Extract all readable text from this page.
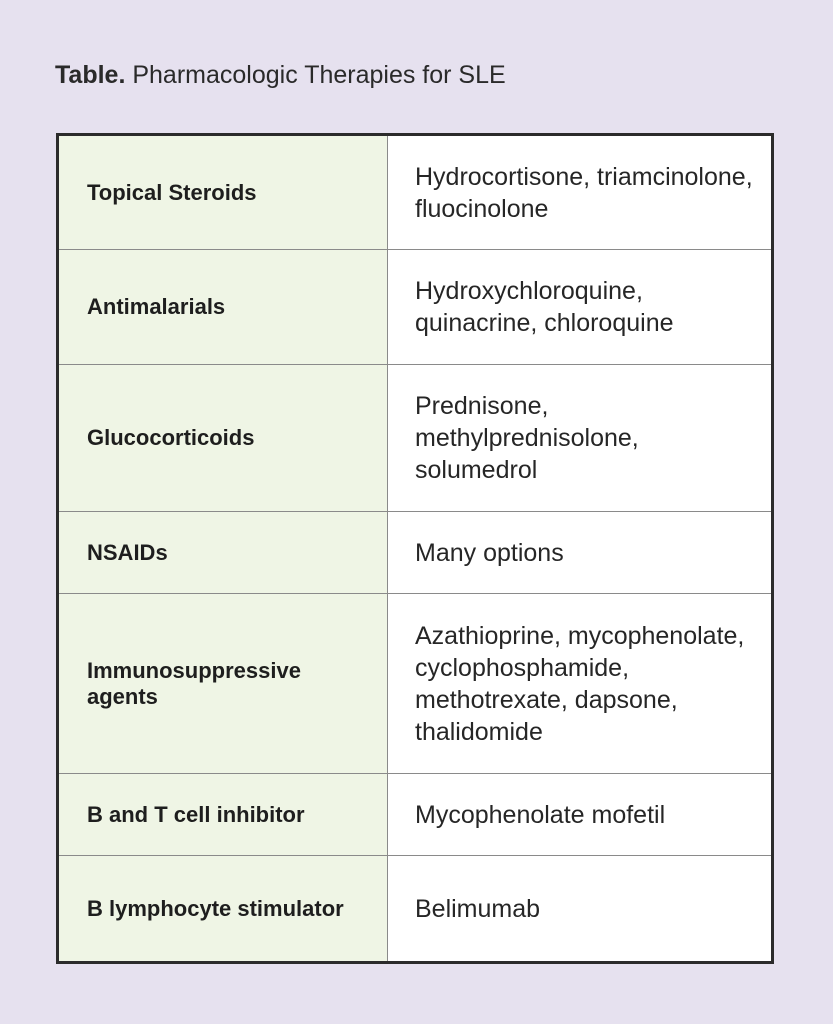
Table. Pharmacologic Therapies for SLE
Topical Steroids	Hydrocortisone, triamcinolone, fluocinolone
Antimalarials	Hydroxychloroquine, quinacrine, chloroquine
Glucocorticoids	Prednisone, methylprednisolone, solumedrol
NSAIDs	Many options
Immunosuppressive agents	Azathioprine, mycophenolate, cyclophosphamide, methotrexate, dapsone, thalidomide
B and T cell inhibitor	Mycophenolate mofetil
B lymphocyte stimulator	Belimumab
